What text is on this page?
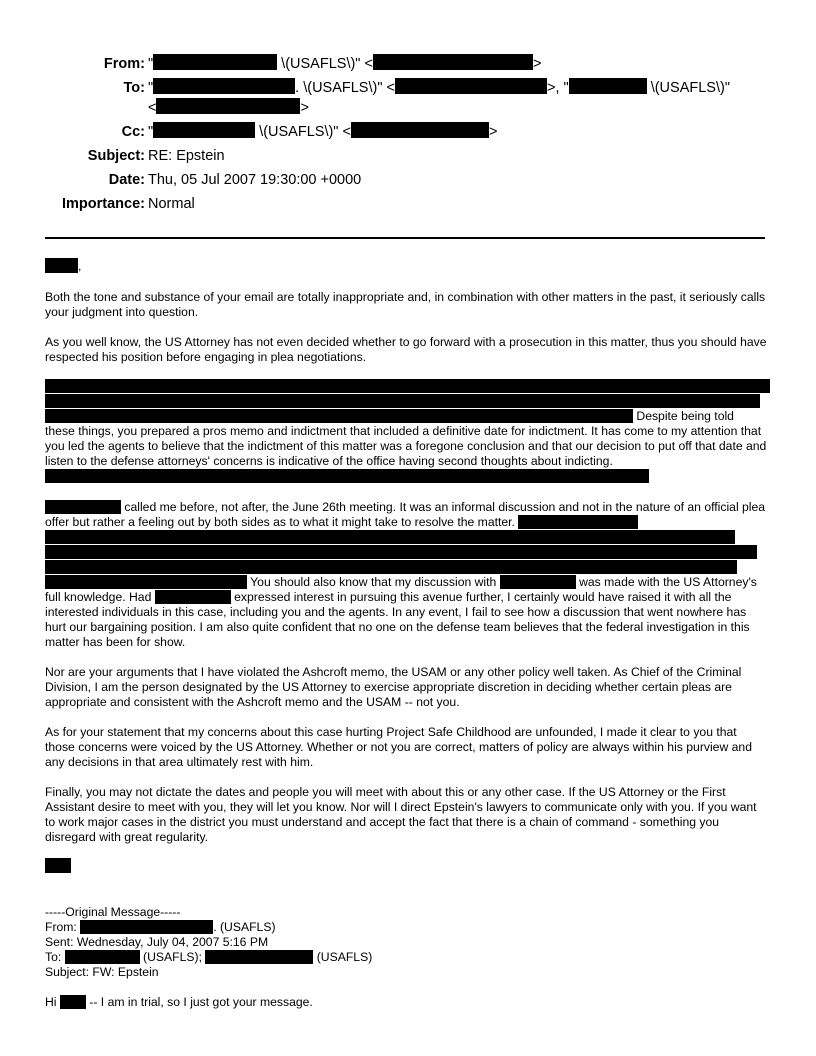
From: "	\(USAFLS\)" <	>
To: "	. \(USAFLS\)" <	>, "	\(USAFLS\)"
<	>
Cc: "	\(USAFLS\)" <	>
Subject: RE: Epstein
Date: Thu, 05 Jul 2007 19:30:00 +0000
Importance: Normal
,

Both the tone and substance of your email are totally inappropriate and, in combination with other matters in the past, it seriously calls your judgment into question.

As you well know, the US Attorney has not even decided whether to go forward with a prosecution in this matter, thus you should have respected his position before engaging in plea negotiations.

Despite being told these things, you prepared a pros memo and indictment that included a definitive date for indictment. It has come to my attention that you led the agents to believe that the indictment of this matter was a foregone conclusion and that our decision to put off that date and listen to the defense attorneys' concerns is indicative of the office having second thoughts about indicting.

called me before, not after, the June 26th meeting. It was an informal discussion and not in the nature of an official plea offer but rather a feeling out by both sides as to what it might take to resolve the matter.

You should also know that my discussion with	was made with the US Attorney's full knowledge. Had	expressed interest in pursuing this avenue further, I certainly would have raised it with all the interested individuals in this case, including you and the agents. In any event, I fail to see how a discussion that went nowhere has hurt our bargaining position. I am also quite confident that no one on the defense team believes that the federal investigation in this matter has been for show.

Nor are your arguments that I have violated the Ashcroft memo, the USAM or any other policy well taken. As Chief of the Criminal Division, I am the person designated by the US Attorney to exercise appropriate discretion in deciding whether certain pleas are appropriate and consistent with the Ashcroft memo and the USAM -- not you.

As for your statement that my concerns about this case hurting Project Safe Childhood are unfounded, I made it clear to you that those concerns were voiced by the US Attorney. Whether or not you are correct, matters of policy are always within his purview and any decisions in that area ultimately rest with him.

Finally, you may not dictate the dates and people you will meet with about this or any other case. If the US Attorney or the First Assistant desire to meet with you, they will let you know. Nor will I direct Epstein's lawyers to communicate only with you. If you want to work major cases in the district you must understand and accept the fact that there is a chain of command - something you disregard with great regularity.

-----Original Message-----
From:	. (USAFLS)
Sent: Wednesday, July 04, 2007 5:16 PM
To:	(USAFLS);	(USAFLS)
Subject: FW: Epstein
Hi  -- I am in trial, so I just got your message.
